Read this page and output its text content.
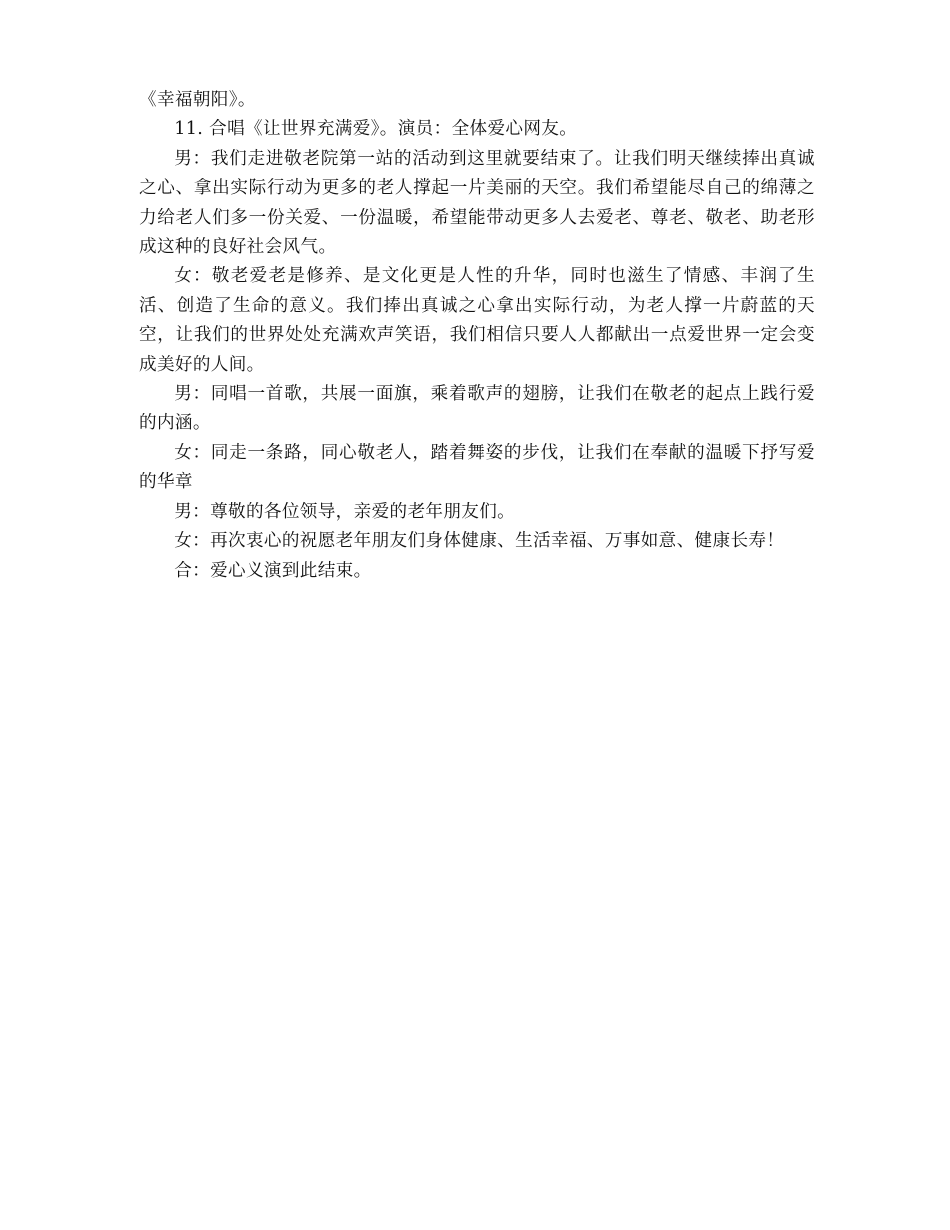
《幸福朝阳》。

11. 合唱《让世界充满爱》。演员：全体爱心网友。

男：我们走进敬老院第一站的活动到这里就要结束了。让我们明天继续捧出真诚之心、拿出实际行动为更多的老人撑起一片美丽的天空。我们希望能尽自己的绵薄之力给老人们多一份关爱、一份温暖，希望能带动更多人去爱老、尊老、敬老、助老形成这种的良好社会风气。

女：敬老爱老是修养、是文化更是人性的升华，同时也滋生了情感、丰润了生活、创造了生命的意义。我们捧出真诚之心拿出实际行动，为老人撑一片蔚蓝的天空，让我们的世界处处充满欢声笑语，我们相信只要人人都献出一点爱世界一定会变成美好的人间。

男：同唱一首歌，共展一面旗，乘着歌声的翅膀，让我们在敬老的起点上践行爱的内涵。

女：同走一条路，同心敬老人，踏着舞姿的步伐，让我们在奉献的温暖下抒写爱的华章

男：尊敬的各位领导，亲爱的老年朋友们。

女：再次衷心的祝愿老年朋友们身体健康、生活幸福、万事如意、健康长寿！

合：爱心义演到此结束。
